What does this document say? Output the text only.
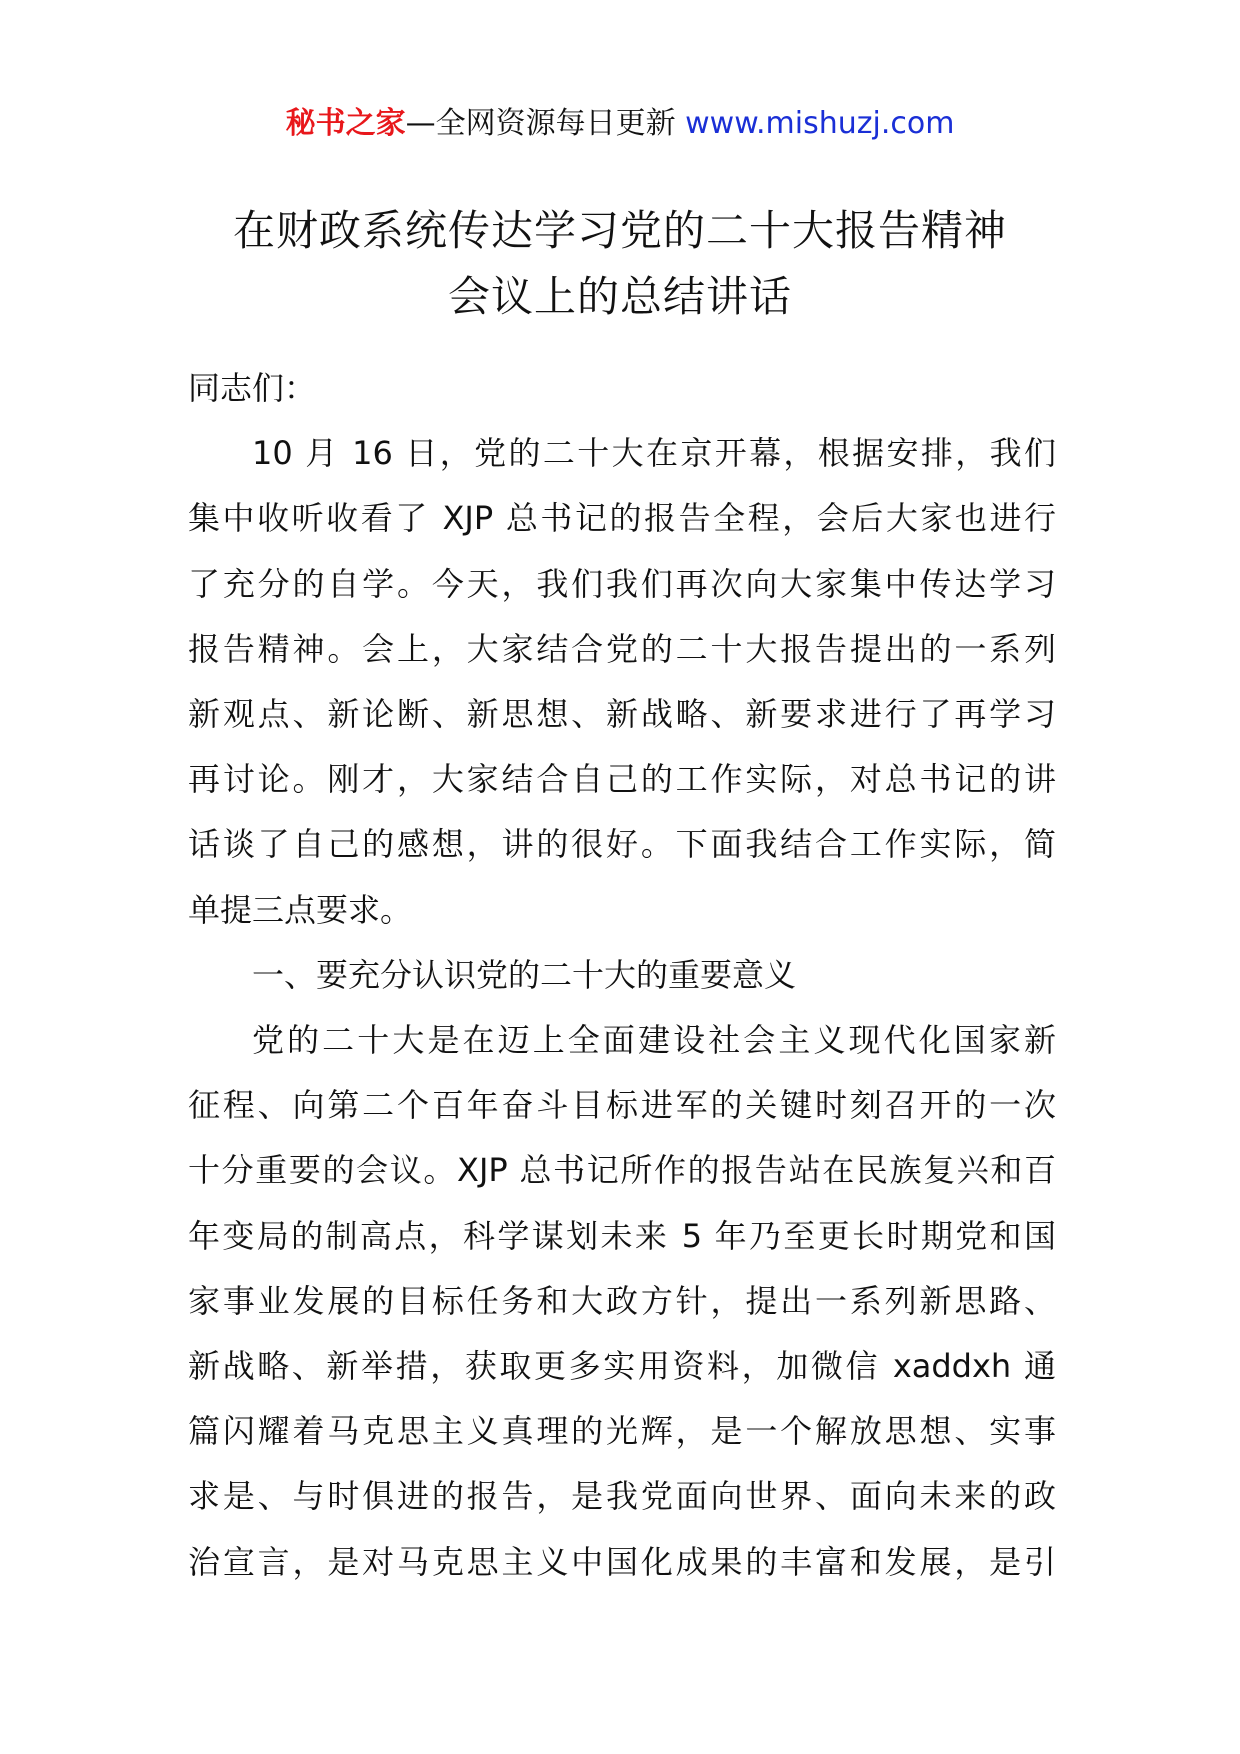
秘书之家—全网资源每日更新 www.mishuzj.com
在财政系统传达学习党的二十大报告精神
会议上的总结讲话

同志们：

10 月 16 日，党的二十大在京开幕，根据安排，我们
集中收听收看了 XJP 总书记的报告全程，会后大家也进行
了充分的自学。今天，我们我们再次向大家集中传达学习
报告精神。会上，大家结合党的二十大报告提出的一系列
新观点、新论断、新思想、新战略、新要求进行了再学习
再讨论。刚才，大家结合自己的工作实际，对总书记的讲
话谈了自己的感想，讲的很好。下面我结合工作实际，简
单提三点要求。

一、要充分认识党的二十大的重要意义

党的二十大是在迈上全面建设社会主义现代化国家新
征程、向第二个百年奋斗目标进军的关键时刻召开的一次
十分重要的会议。XJP 总书记所作的报告站在民族复兴和百
年变局的制高点，科学谋划未来 5 年乃至更长时期党和国
家事业发展的目标任务和大政方针，提出一系列新思路、
新战略、新举措，获取更多实用资料，加微信 xaddxh 通
篇闪耀着马克思主义真理的光辉，是一个解放思想、实事
求是、与时俱进的报告，是我党面向世界、面向未来的政
治宣言，是对马克思主义中国化成果的丰富和发展，是引
